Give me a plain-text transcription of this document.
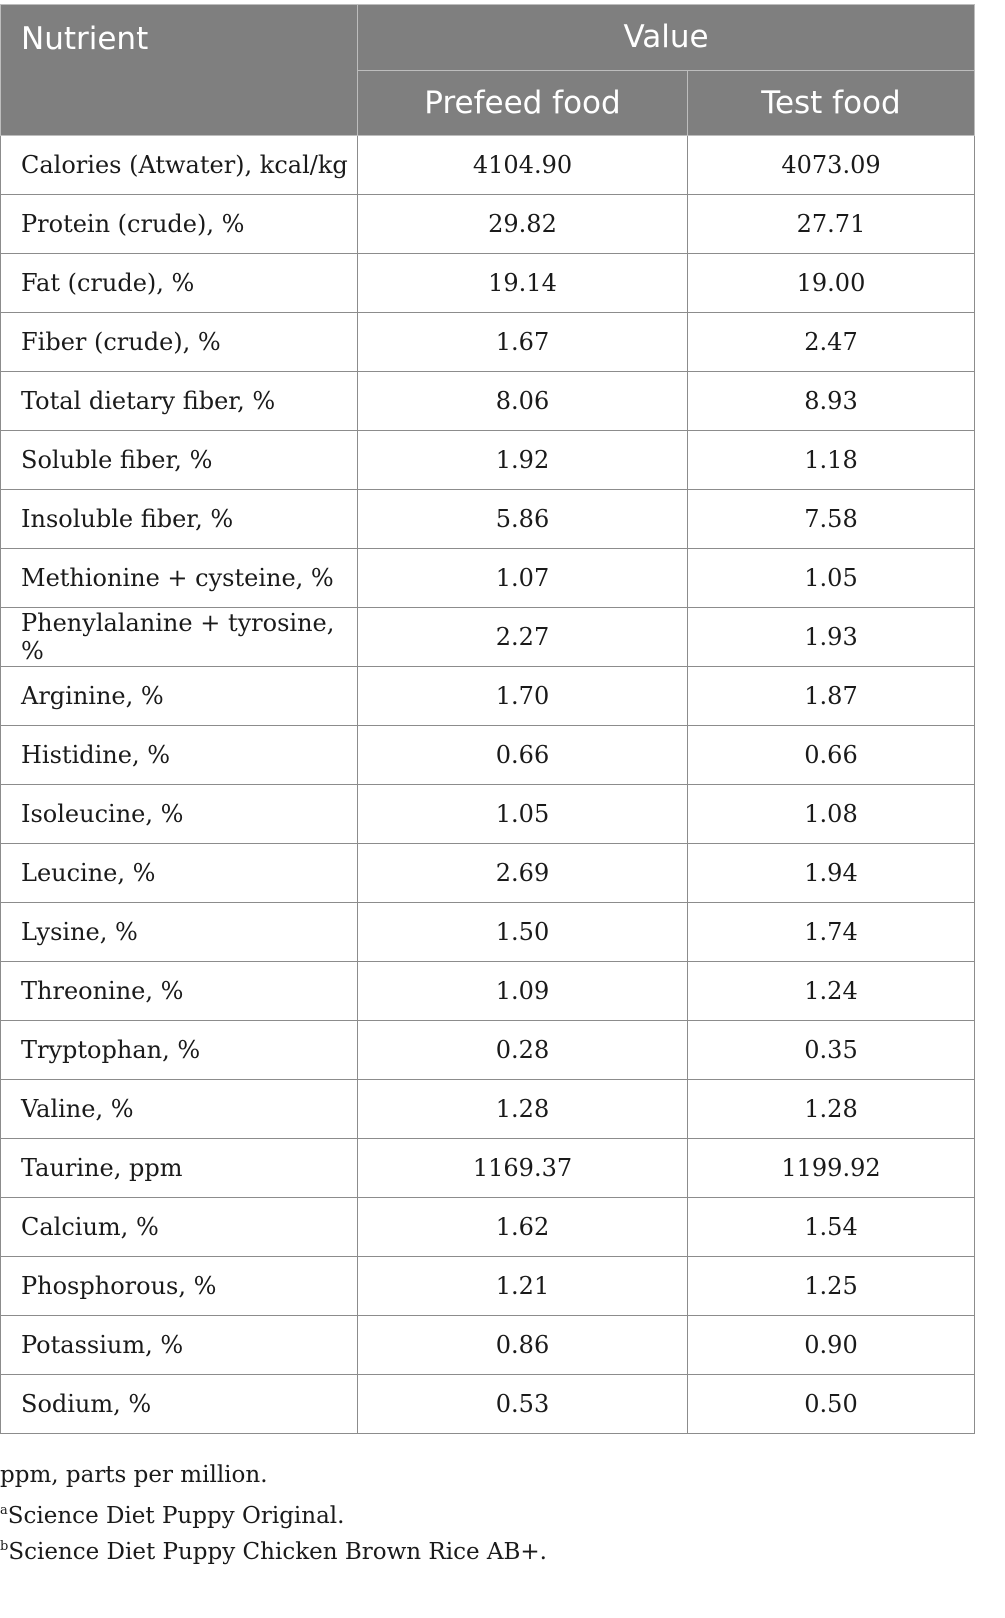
Nutrient	Value	
	Prefeed food	Test food
Calories (Atwater), kcal/kg	4104.90	4073.09
Protein (crude), %	29.82	27.71
Fat (crude), %	19.14	19.00
Fiber (crude), %	1.67	2.47
Total dietary fiber, %	8.06	8.93
Soluble fiber, %	1.92	1.18
Insoluble fiber, %	5.86	7.58
Methionine + cysteine, %	1.07	1.05
Phenylalanine + tyrosine, %	2.27	1.93
Arginine, %	1.70	1.87
Histidine, %	0.66	0.66
Isoleucine, %	1.05	1.08
Leucine, %	2.69	1.94
Lysine, %	1.50	1.74
Threonine, %	1.09	1.24
Tryptophan, %	0.28	0.35
Valine, %	1.28	1.28
Taurine, ppm	1169.37	1199.92
Calcium, %	1.62	1.54
Phosphorous, %	1.21	1.25
Potassium, %	0.86	0.90
Sodium, %	0.53	0.50

ppm, parts per million.

$^a$Science Diet Puppy Original.

$^b$Science Diet Puppy Chicken Brown Rice AB+.
